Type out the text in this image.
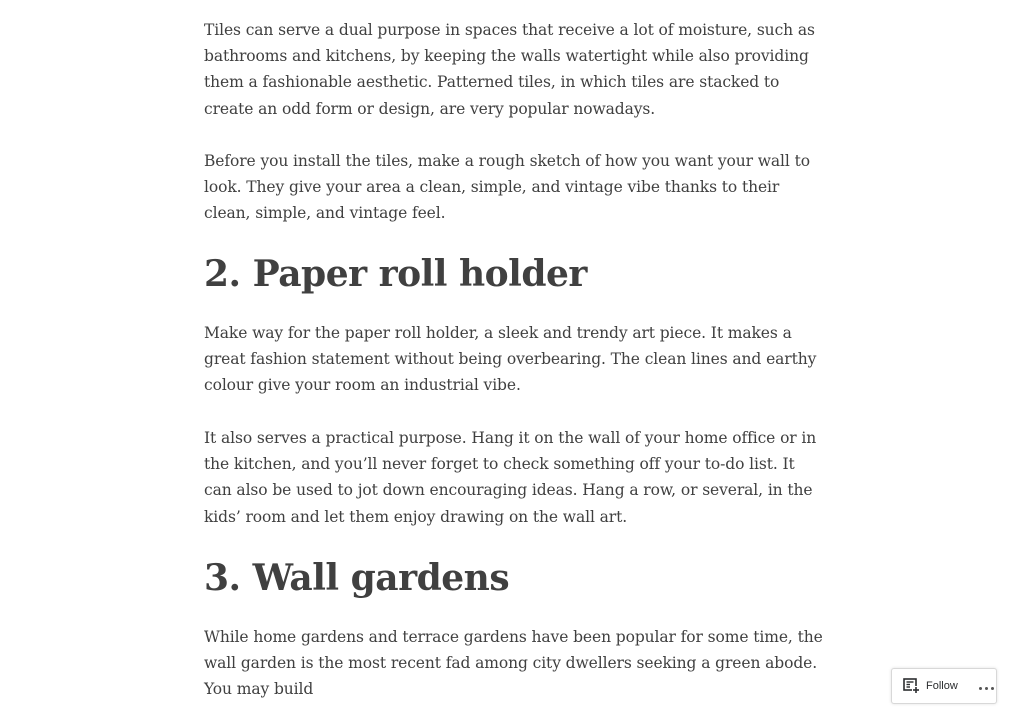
Tiles can serve a dual purpose in spaces that receive a lot of moisture, such as bathrooms and kitchens, by keeping the walls watertight while also providing them a fashionable aesthetic. Patterned tiles, in which tiles are stacked to create an odd form or design, are very popular nowadays.

Before you install the tiles, make a rough sketch of how you want your wall to look. They give your area a clean, simple, and vintage vibe thanks to their clean, simple, and vintage feel.

2. Paper roll holder

Make way for the paper roll holder, a sleek and trendy art piece. It makes a great fashion statement without being overbearing. The clean lines and earthy colour give your room an industrial vibe.

It also serves a practical purpose. Hang it on the wall of your home office or in the kitchen, and you’ll never forget to check something off your to-do list. It can also be used to jot down encouraging ideas. Hang a row, or several, in the kids’ room and let them enjoy drawing on the wall art.

3. Wall gardens

While home gardens and terrace gardens have been popular for some time, the wall garden is the most recent fad among city dwellers seeking a green abode. You may build	Follow
